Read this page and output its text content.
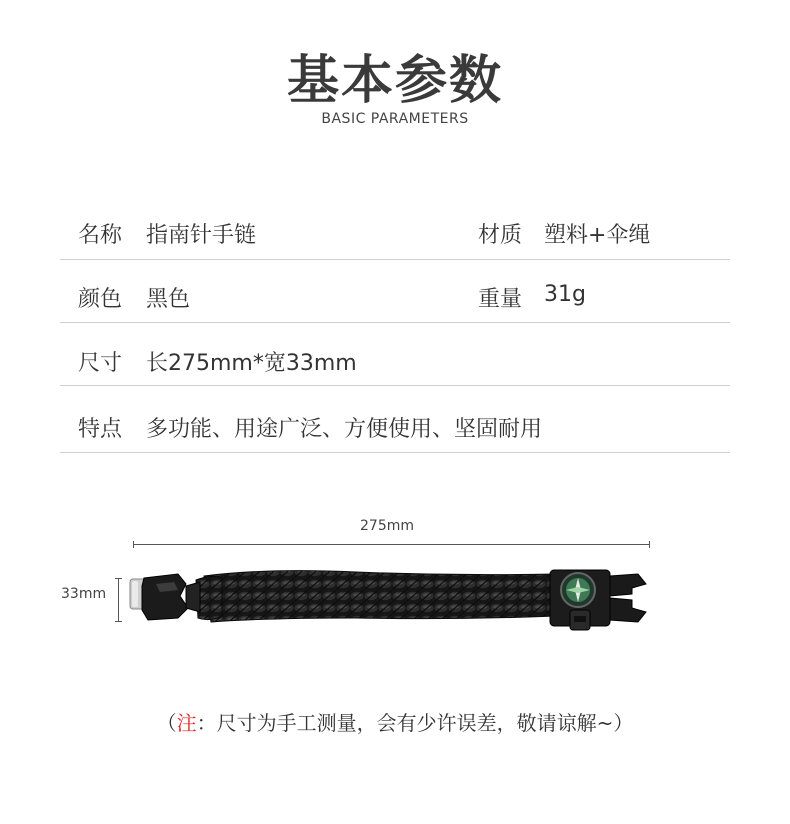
基本参数
BASIC PARAMETERS
名称 指南针手链	材质 塑料+伞绳
颜色 黑色	重量 31g
尺寸 长275mm*宽33mm
特点 多功能、用途广泛、方便使用、坚固耐用
275mm
33mm
（注：尺寸为手工测量，会有少许误差，敬请谅解~）
